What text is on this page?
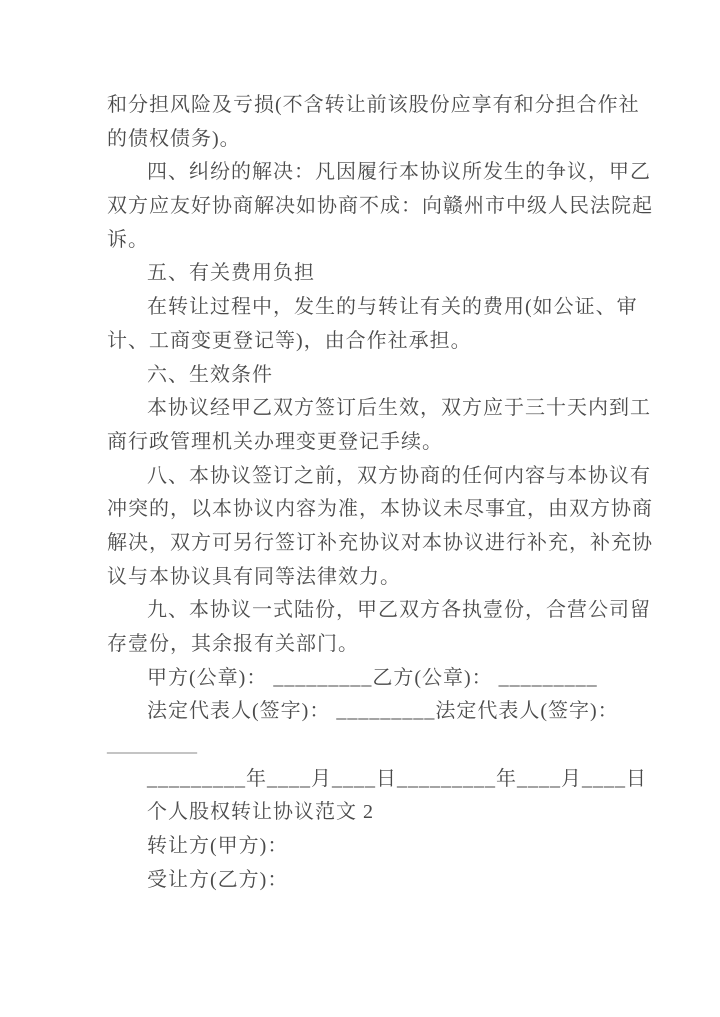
和分担风险及亏损(不含转让前该股份应享有和分担合作社
的债权债务)。
四、纠纷的解决：凡因履行本协议所发生的争议，甲乙
双方应友好协商解决如协商不成：向赣州市中级人民法院起
诉。
五、有关费用负担
在转让过程中，发生的与转让有关的费用(如公证、审
计、工商变更登记等)，由合作社承担。
六、生效条件
本协议经甲乙双方签订后生效，双方应于三十天内到工
商行政管理机关办理变更登记手续。
八、本协议签订之前，双方协商的任何内容与本协议有
冲突的，以本协议内容为准，本协议未尽事宜，由双方协商
解决，双方可另行签订补充协议对本协议进行补充，补充协
议与本协议具有同等法律效力。
九、本协议一式陆份，甲乙双方各执壹份，合营公司留
存壹份，其余报有关部门。
甲方(公章)： _________乙方(公章)： _________
法定代表人(签字)： _________法定代表人(签字)：
_________
_________年____月____日_________年____月____日
个人股权转让协议范文 2
转让方(甲方)：
受让方(乙方)：
